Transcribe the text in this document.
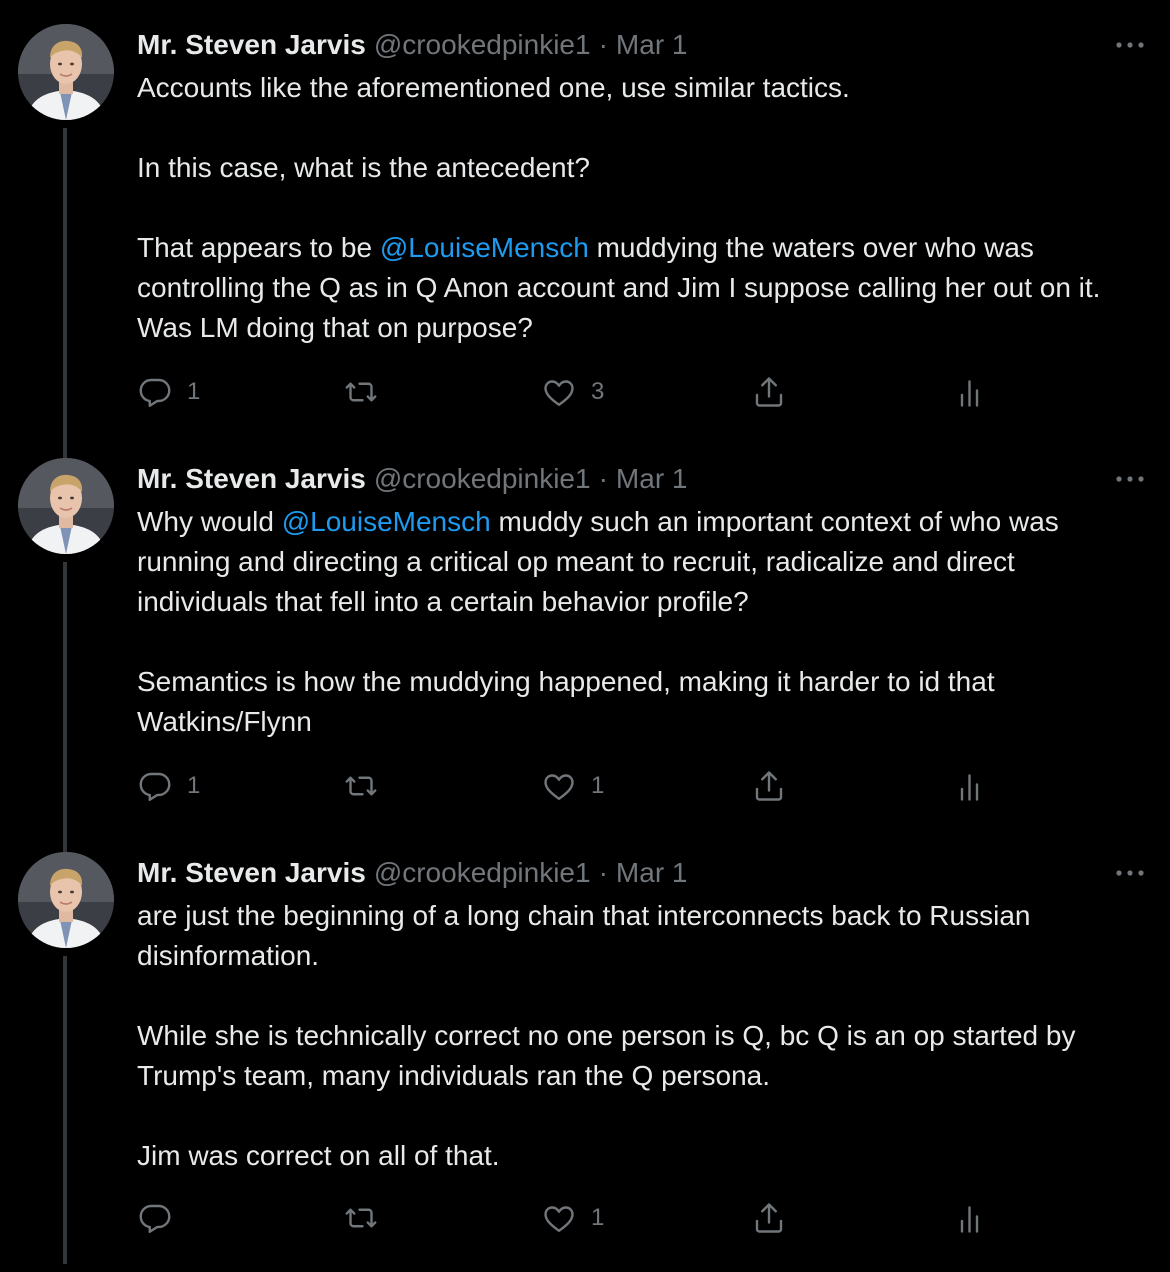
Mr. Steven Jarvis @crookedpinkie1 · Mar 1

Accounts like the aforementioned one, use similar tactics.

In this case, what is the antecedent?

That appears to be @LouiseMensch muddying the waters over who was controlling the Q as in Q Anon account and Jim I suppose calling her out on it. Was LM doing that on purpose?

1	3
Mr. Steven Jarvis @crookedpinkie1 · Mar 1

Why would @LouiseMensch muddy such an important context of who was running and directing a critical op meant to recruit, radicalize and direct individuals that fell into a certain behavior profile?

Semantics is how the muddying happened, making it harder to id that Watkins/Flynn

1	1
Mr. Steven Jarvis @crookedpinkie1 · Mar 1

are just the beginning of a long chain that interconnects back to Russian disinformation.

While she is technically correct no one person is Q, bc Q is an op started by Trump's team, many individuals ran the Q persona.

Jim was correct on all of that.

1
